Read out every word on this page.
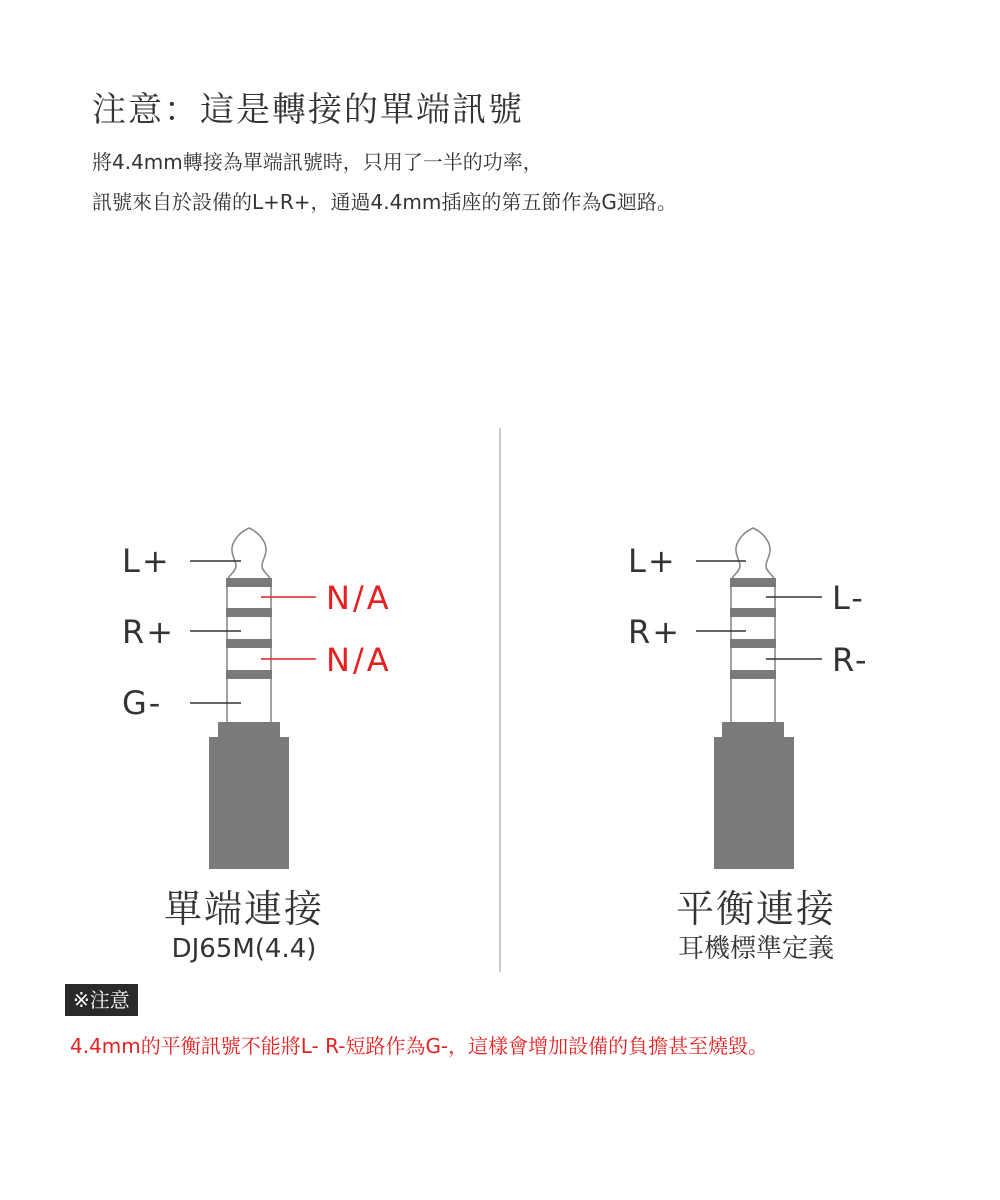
注意：這是轉接的單端訊號
將4.4mm轉接為單端訊號時，只用了一半的功率，
訊號來自於設備的L+R+，通過4.4mm插座的第五節作為G迴路。
L+
R+
G-
N/A
N/A
L+
R+
L-
R-
單端連接
DJ65M(4.4)
平衡連接
耳機標準定義
※注意
4.4mm的平衡訊號不能將L- R-短路作為G-，這樣會增加設備的負擔甚至燒毀。
